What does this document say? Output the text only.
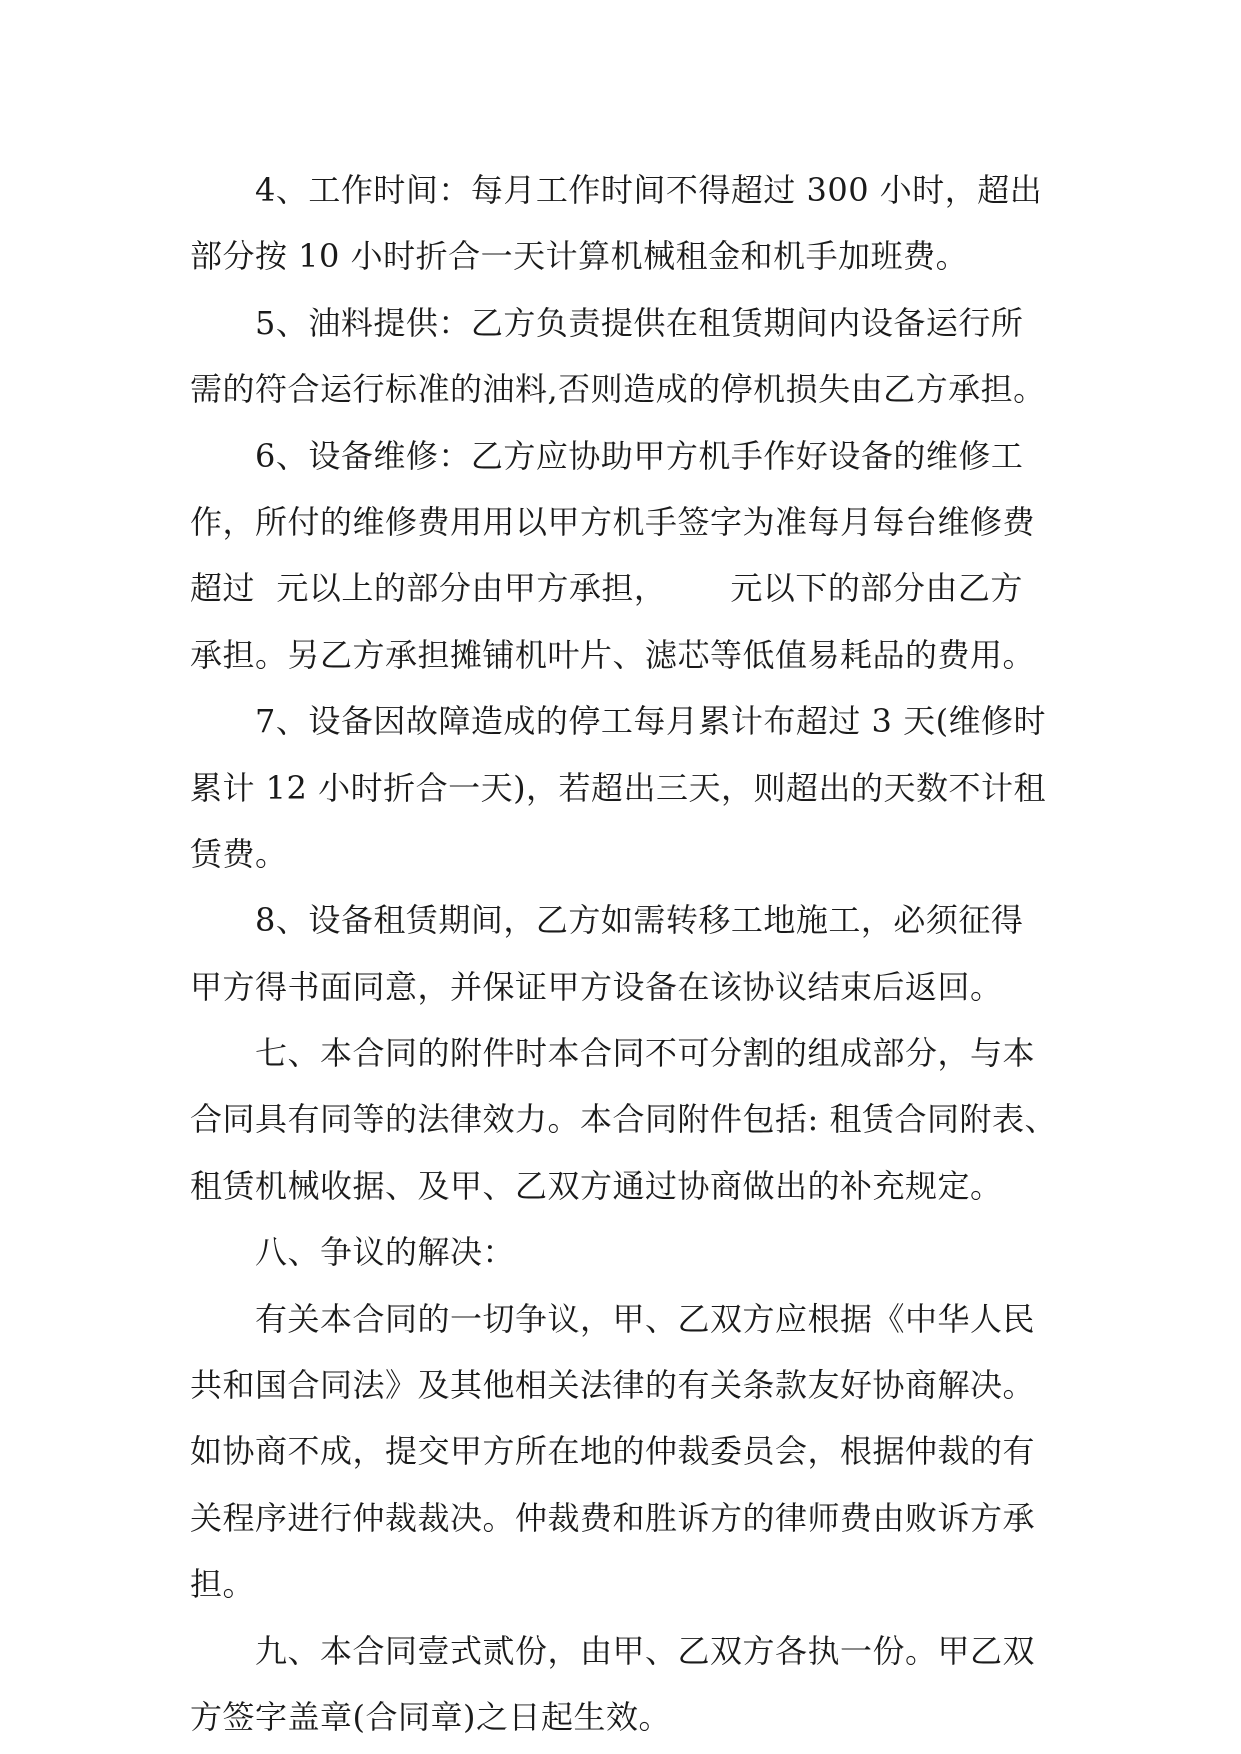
4、工作时间：每月工作时间不得超过 300 小时，超出
部分按 10 小时折合一天计算机械租金和机手加班费。
5、油料提供：乙方负责提供在租赁期间内设备运行所
需的符合运行标准的油料,否则造成的停机损失由乙方承担。
6、设备维修：乙方应协助甲方机手作好设备的维修工
作，所付的维修费用用以甲方机手签字为准每月每台维修费
超过  元以上的部分由甲方承担，      元以下的部分由乙方
承担。另乙方承担摊铺机叶片、滤芯等低值易耗品的费用。
7、设备因故障造成的停工每月累计布超过 3 天(维修时
累计 12 小时折合一天)，若超出三天，则超出的天数不计租
赁费。
8、设备租赁期间，乙方如需转移工地施工，必须征得
甲方得书面同意，并保证甲方设备在该协议结束后返回。
七、本合同的附件时本合同不可分割的组成部分，与本
合同具有同等的法律效力。本合同附件包括: 租赁合同附表、
租赁机械收据、及甲、乙双方通过协商做出的补充规定。
八、争议的解决：
有关本合同的一切争议，甲、乙双方应根据《中华人民
共和国合同法》及其他相关法律的有关条款友好协商解决。
如协商不成，提交甲方所在地的仲裁委员会，根据仲裁的有
关程序进行仲裁裁决。仲裁费和胜诉方的律师费由败诉方承
担。
九、本合同壹式贰份，由甲、乙双方各执一份。甲乙双
方签字盖章(合同章)之日起生效。
